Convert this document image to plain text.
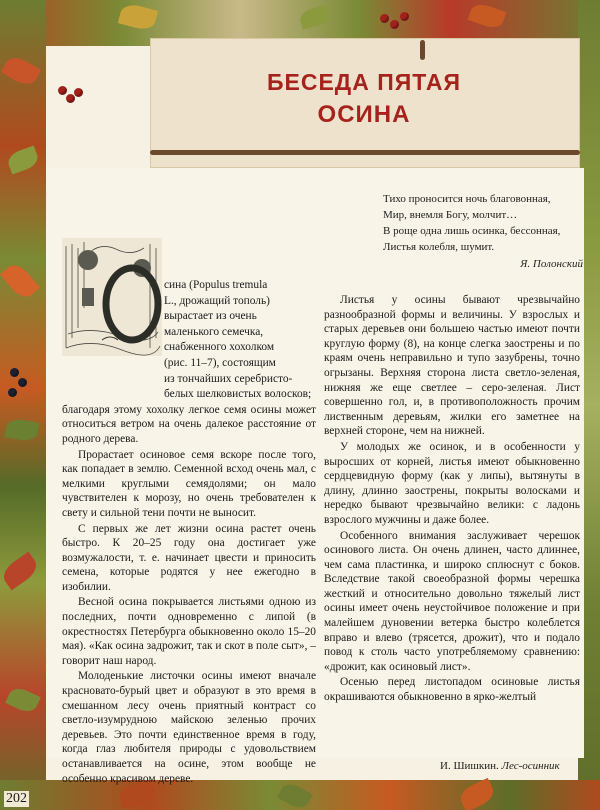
БЕСЕДА ПЯТАЯ
ОСИНА
Тихо проносится ночь благовонная,
Мир, внемля Богу, молчит…
В роще одна лишь осинка, бессонная,
Листья колебля, шумит.
Я. Полонский
О сина (Populus tremula

L., дрожащий тополь)

вырастает из очень

маленького семечка,

снабженного хохолком

(рис. 11–7), состоящим

из тончайших серебристо-

белых шелковистых волосков;

благодаря этому хохолку легкое семя осины может относиться ветром на очень далекое расстояние от родного дерева.

Прорастает осиновое семя вскоре после того, как попадает в землю. Семенной всход очень мал, с мелкими круглыми семядолями; он мало чувствителен к морозу, но очень требователен к свету и сильной тени почти не выносит.

С первых же лет жизни осина растет очень быстро. К 20–25 году она достигает уже возмужалости, т. е. начинает цвести и приносить семена, которые родятся у нее ежегодно в изобилии.

Весной осина покрывается листьями одною из последних, почти одновременно с липой (в окрестностях Петербурга обыкновенно около 15–20 мая). «Как осина задрожит, так и скот в поле сыт», – говорит наш народ.

Молоденькие листочки осины имеют вначале красновато-бурый цвет и образуют в это время в смешанном лесу очень приятный контраст со светло-изумрудною майскою зеленью прочих деревьев. Это почти единственное время в году, когда глаз любителя природы с удовольствием останавливается на осине, этом вообще не особенно красивом дереве.

Листья у осины бывают чрезвычайно разнообразной формы и величины. У взрослых и старых деревьев они большею частью имеют почти круглую форму (8), на конце слегка заострены и по краям очень неправильно и тупо зазубрены, точно огрызаны. Верхняя сторона листа светло-зеленая, нижняя же еще светлее – серо-зеленая. Лист совершенно гол, и, в противоположность прочим лиственным деревьям, жилки его заметнее на верхней стороне, чем на нижней.

У молодых же осинок, и в особенности у выросших от корней, листья имеют обыкновенно сердцевидную форму (как у липы), вытянуты в длину, длинно заострены, покрыты волосками и нередко бывают чрезвычайно велики: с ладонь взрослого мужчины и даже более.

Особенного внимания заслуживает черешок осинового листа. Он очень длинен, часто длиннее, чем сама пластинка, и широко сплюснут с боков. Вследствие такой своеобразной формы черешка жесткий и относительно довольно тяжелый лист осины имеет очень неустойчивое положение и при малейшем дуновении ветерка быстро колеблется вправо и влево (трясется, дрожит), что и подало повод к столь часто употребляемому сравнению: «дрожит, как осиновый лист».

Осенью перед листопадом осиновые листья окрашиваются обыкновенно в ярко-желтый

И. Шишкин. Лес-осинник
202
